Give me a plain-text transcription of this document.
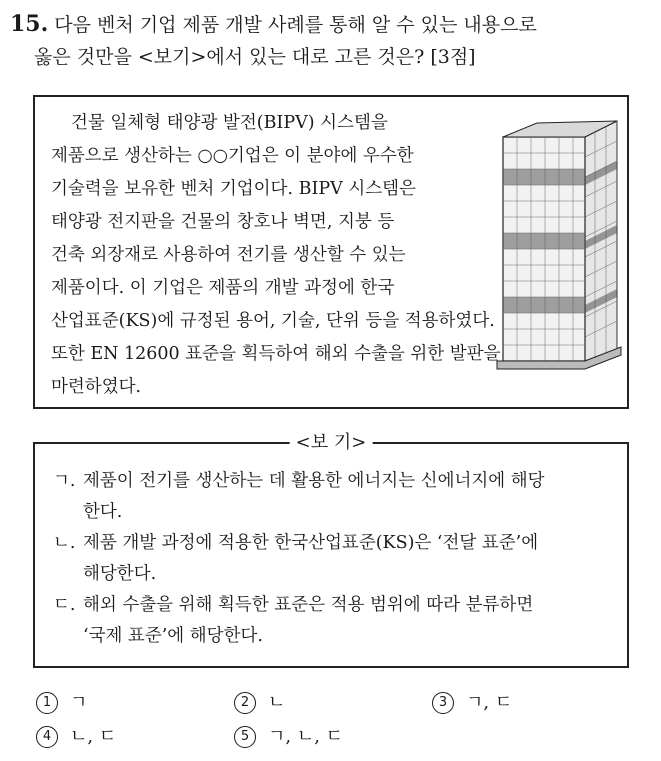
15. 다음 벤처 기업 제품 개발 사례를 통해 알 수 있는 내용으로
옳은 것만을 <보기>에서 있는 대로 고른 것은? [3점]
건물 일체형 태양광 발전(BIPV) 시스템을
제품으로 생산하는 ○○기업은 이 분야에 우수한
기술력을 보유한 벤처 기업이다. BIPV 시스템은
태양광 전지판을 건물의 창호나 벽면, 지붕 등
건축 외장재로 사용하여 전기를 생산할 수 있는
제품이다. 이 기업은 제품의 개발 과정에 한국
산업표준(KS)에 규정된 용어, 기술, 단위 등을 적용하였다.
또한 EN 12600 표준을 획득하여 해외 수출을 위한 발판을
마련하였다.
<보 기>
ㄱ. 제품이 전기를 생산하는 데 활용한 에너지는 신에너지에 해당
한다.
ㄴ. 제품 개발 과정에 적용한 한국산업표준(KS)은 ‘전달 표준’에
해당한다.
ㄷ. 해외 수출을 위해 획득한 표준은 적용 범위에 따라 분류하면
‘국제 표준’에 해당한다.
1 ㄱ	2 ㄴ	3 ㄱ, ㄷ
4 ㄴ, ㄷ	5 ㄱ, ㄴ, ㄷ
